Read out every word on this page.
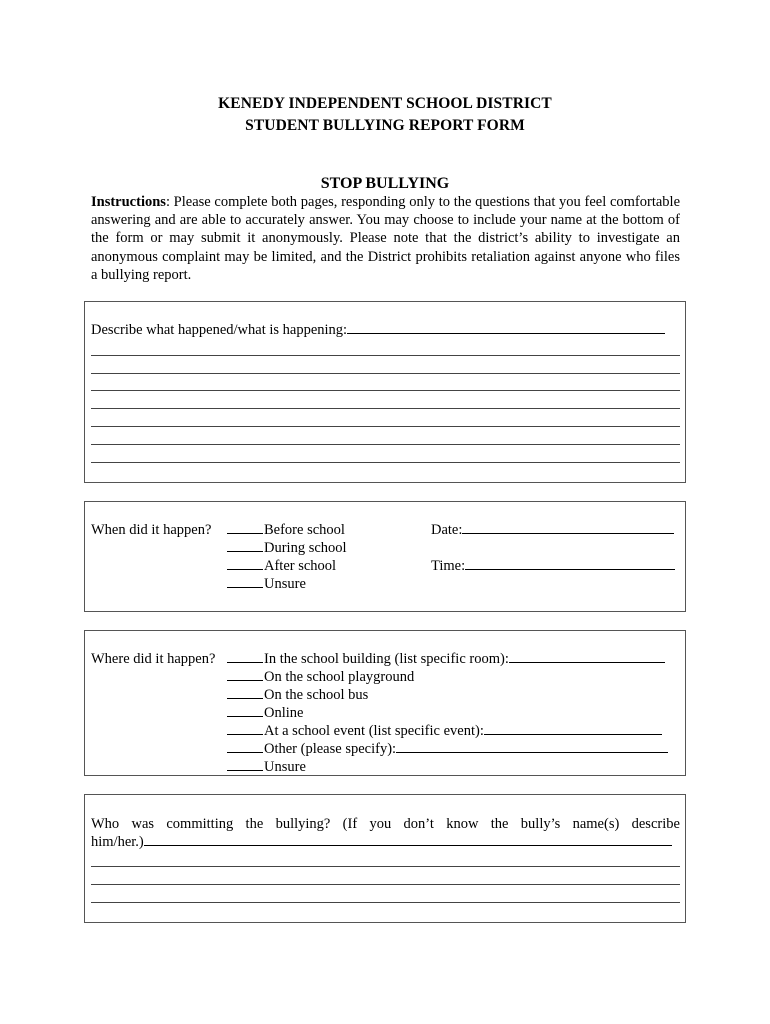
KENEDY INDEPENDENT SCHOOL DISTRICT
STUDENT BULLYING REPORT FORM
STOP BULLYING
Instructions: Please complete both pages, responding only to the questions that you feel comfortable answering and are able to accurately answer. You may choose to include your name at the bottom of the form or may submit it anonymously. Please note that the district’s ability to investigate an anonymous complaint may be limited, and the District prohibits retaliation against anyone who files a bullying report.
Describe what happened/what is happening:
When did it happen?	Before school
During school
After school
Unsure
Date:
Time:
Where did it happen?	In the school building (list specific room):
On the school playground
On the school bus
Online
At a school event (list specific event):
Other (please specify):
Unsure
Who was committing the bullying? (If you don’t know the bully’s name(s) describe
him/her.)
